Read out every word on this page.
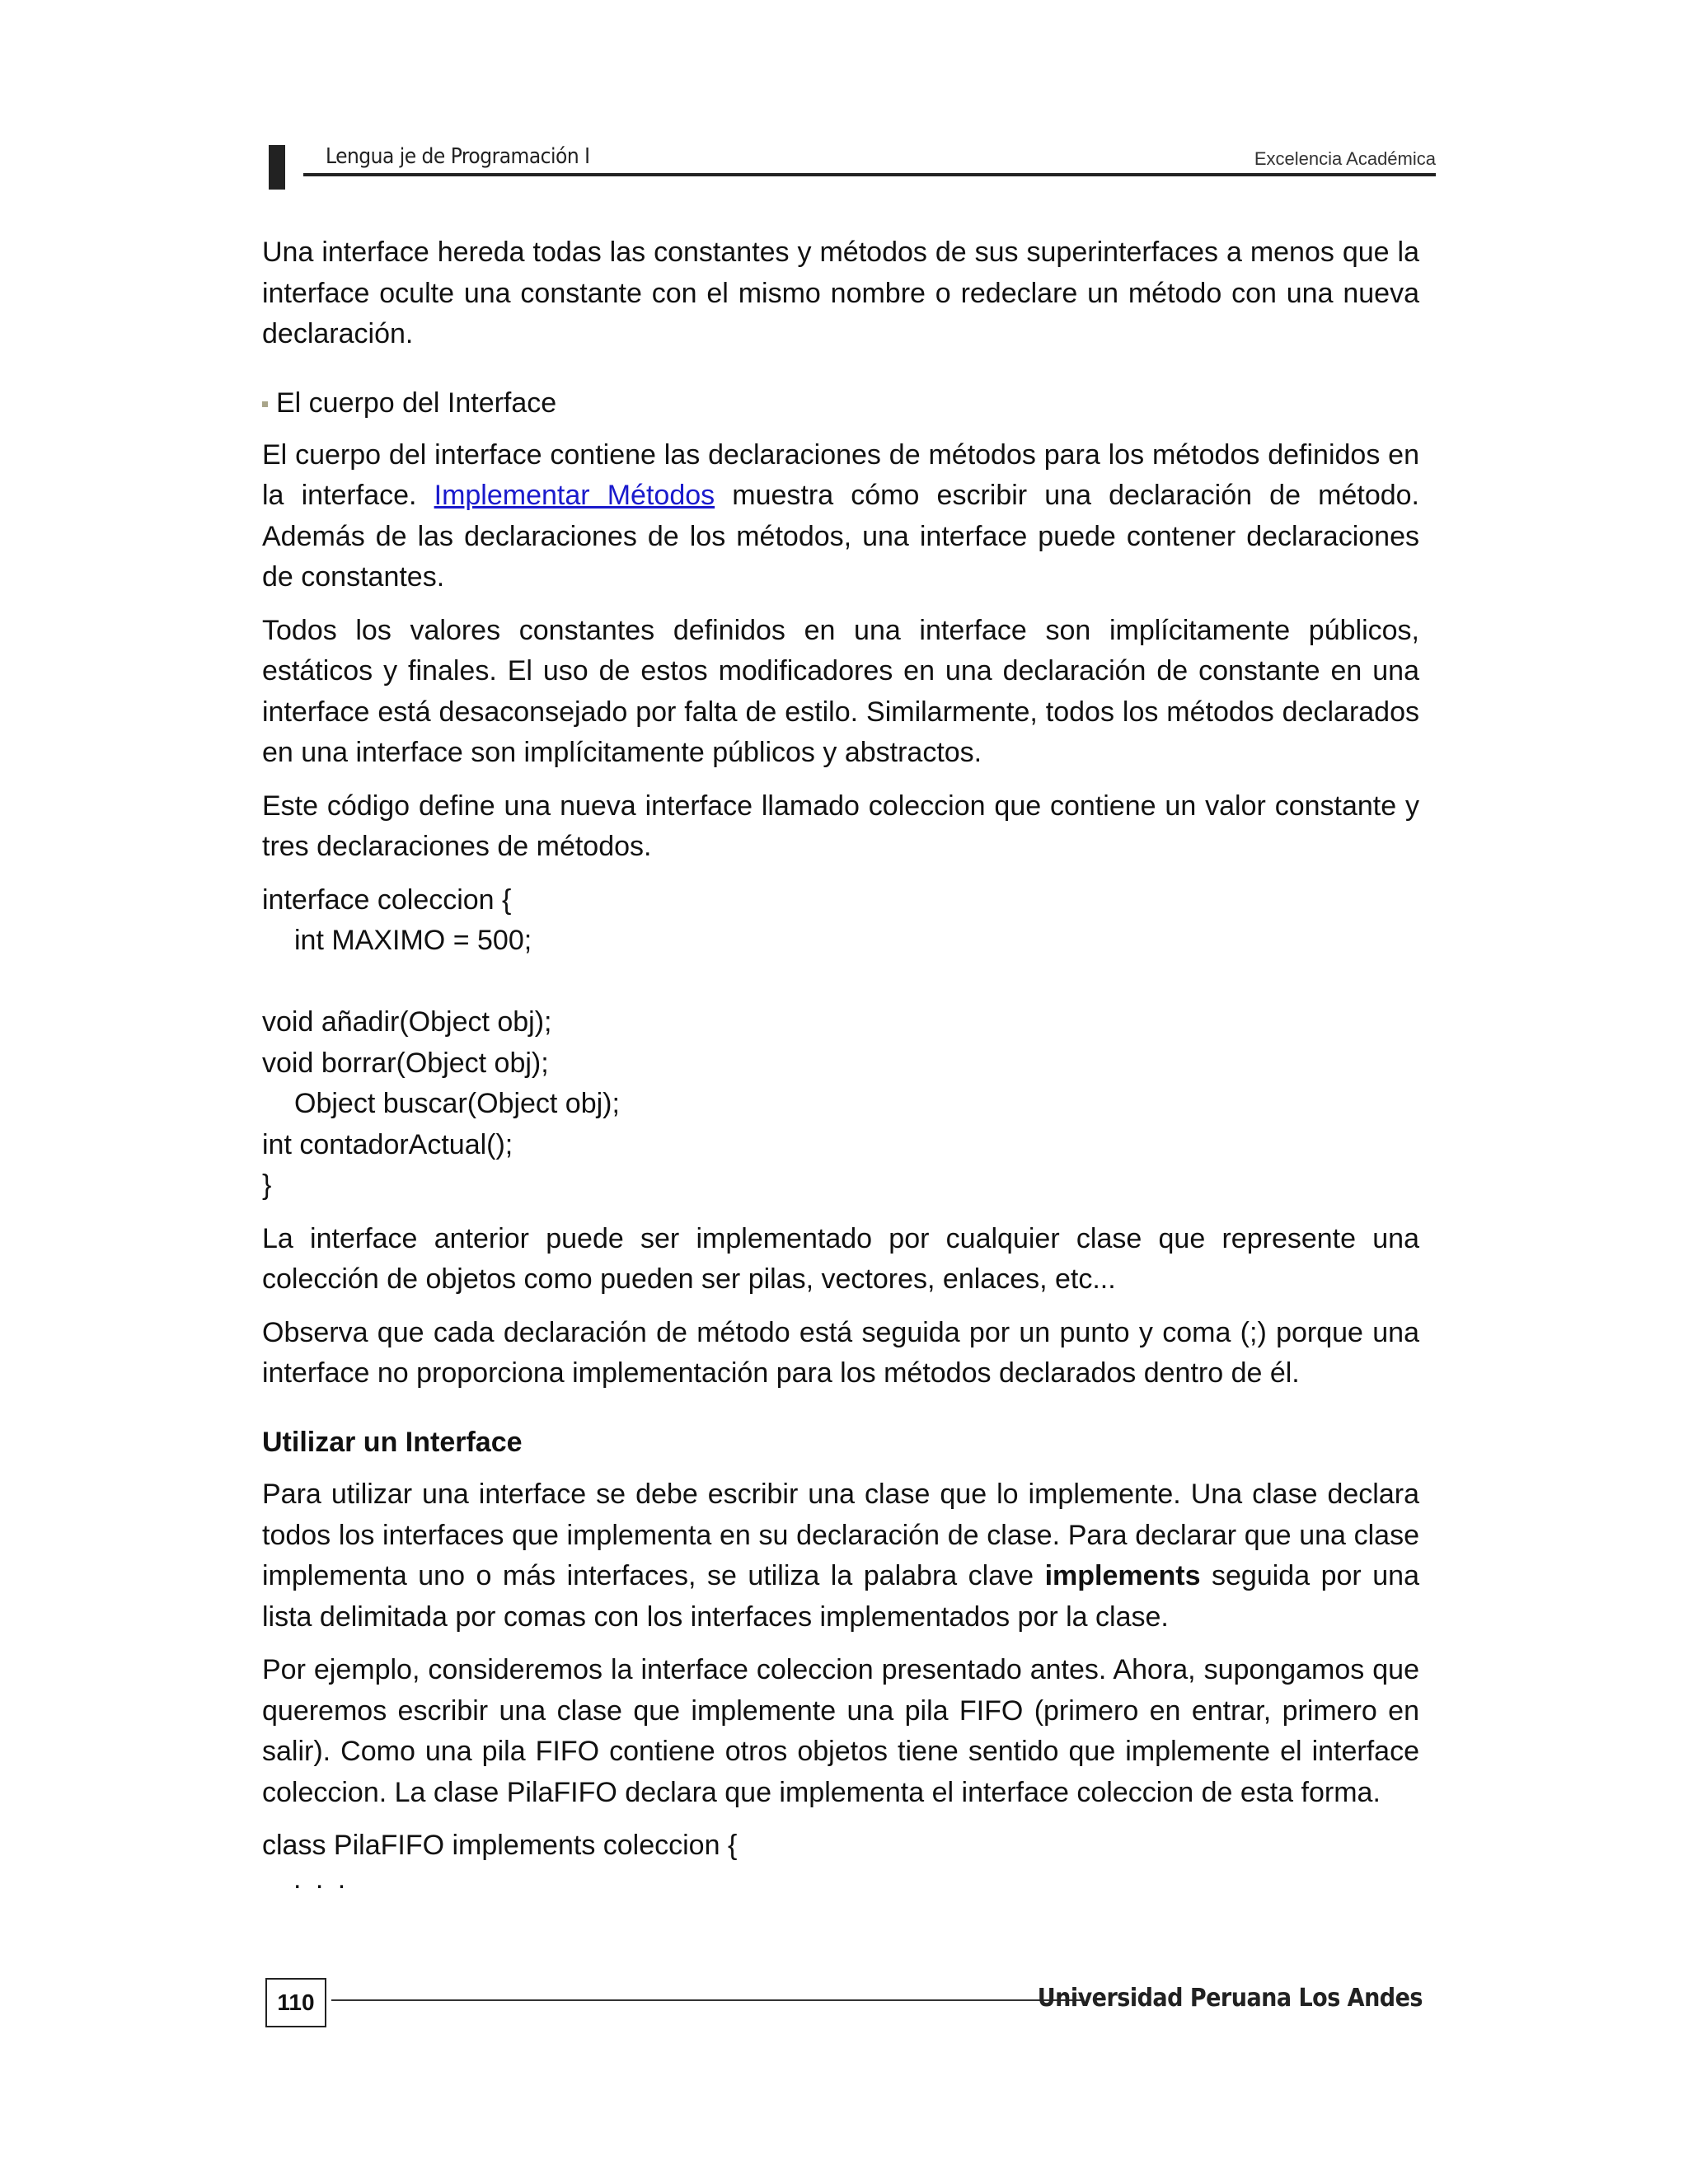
Lengua je de Programación I	Excelencia Académica

Una interface hereda todas las constantes y métodos de sus superinterfaces a menos que la interface oculte una constante con el mismo nombre o redeclare un método con una nueva declaración.

El cuerpo del Interface

El cuerpo del interface contiene las declaraciones de métodos para los métodos definidos en la interface. Implementar Métodos muestra cómo escribir una declaración de método. Además de las declaraciones de los métodos, una interface puede contener declaraciones de constantes.

Todos los valores constantes definidos en una interface son implícitamente públicos, estáticos y finales. El uso de estos modificadores en una declaración de constante en una interface está desaconsejado por falta de estilo. Similarmente, todos los métodos declarados en una interface son implícitamente públicos y abstractos.

Este código define una nueva interface llamado coleccion que contiene un valor constante y tres declaraciones de métodos.

interface coleccion {
int MAXIMO = 500;
void añadir(Object obj);
void borrar(Object obj);
Object buscar(Object obj);
int contadorActual();
}

La interface anterior puede ser implementado por cualquier clase que represente una colección de objetos como pueden ser pilas, vectores, enlaces, etc...

Observa que cada declaración de método está seguida por un punto y coma (;) porque una interface no proporciona implementación para los métodos declarados dentro de él.

Utilizar un Interface

Para utilizar una interface se debe escribir una clase que lo implemente. Una clase declara todos los interfaces que implementa en su declaración de clase. Para declarar que una clase implementa uno o más interfaces, se utiliza la palabra clave implements seguida por una lista delimitada por comas con los interfaces implementados por la clase.

Por ejemplo, consideremos la interface coleccion presentado antes. Ahora, supongamos que queremos escribir una clase que implemente una pila FIFO (primero en entrar, primero en salir). Como una pila FIFO contiene otros objetos tiene sentido que implemente el interface coleccion. La clase PilaFIFO declara que implementa el interface coleccion de esta forma.

class PilaFIFO implements coleccion {
. . .
110	Universidad Peruana Los Andes
